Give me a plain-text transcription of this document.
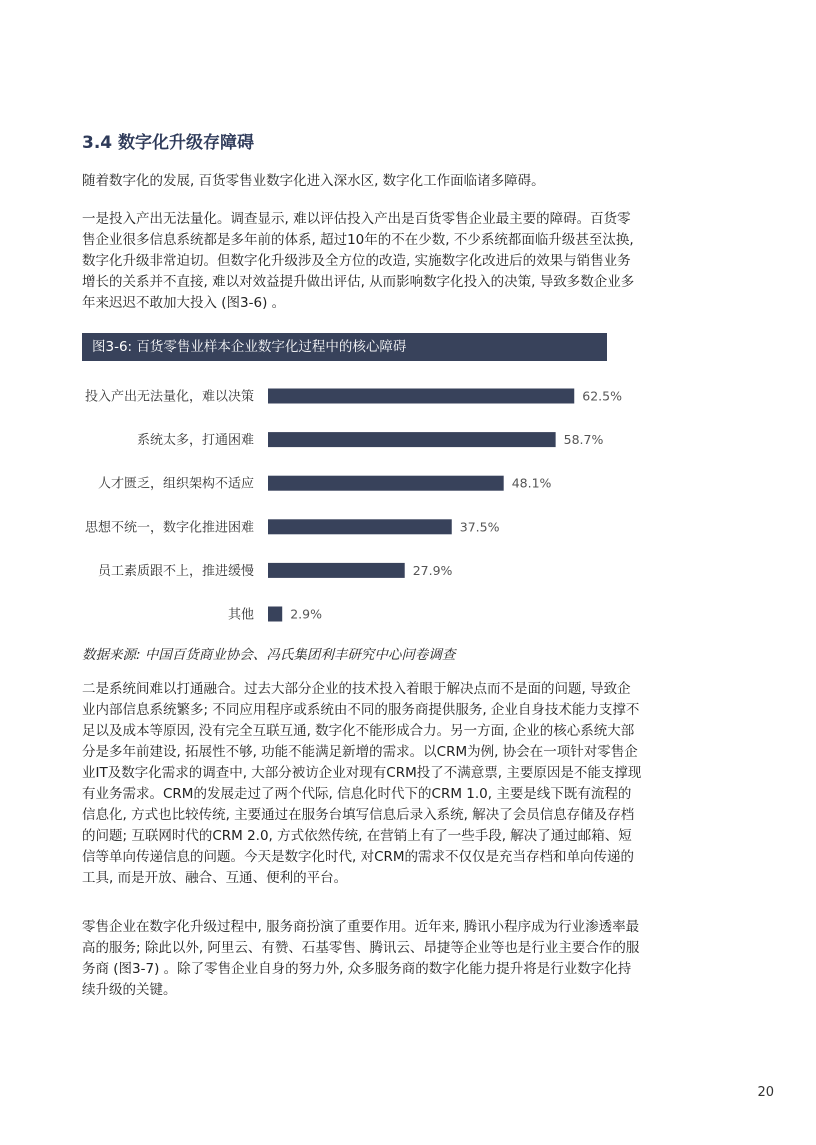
3.4 数字化升级存障碍

随着数字化的发展, 百货零售业数字化进入深水区, 数字化工作面临诸多障碍。

一是投入产出无法量化。调查显示, 难以评估投入产出是百货零售企业最主要的障碍。百货零售企业很多信息系统都是多年前的体系, 超过10年的不在少数, 不少系统都面临升级甚至汰换, 数字化升级非常迫切。但数字化升级涉及全方位的改造, 实施数字化改进后的效果与销售业务增长的关系并不直接, 难以对效益提升做出评估, 从而影响数字化投入的决策, 导致多数企业多年来迟迟不敢加大投入 (图3-6) 。

图3-6: 百货零售业样本企业数字化过程中的核心障碍
投入产出无法量化，难以决策	62.5%
系统太多，打通困难	58.7%
人才匮乏，组织架构不适应	48.1%
思想不统一，数字化推进困难	37.5%
员工素质跟不上，推进缓慢	27.9%
其他	2.9%

数据来源: 中国百货商业协会、冯氏集团利丰研究中心问卷调查

二是系统间难以打通融合。过去大部分企业的技术投入着眼于解决点而不是面的问题, 导致企业内部信息系统繁多; 不同应用程序或系统由不同的服务商提供服务, 企业自身技术能力支撑不足以及成本等原因, 没有完全互联互通, 数字化不能形成合力。另一方面, 企业的核心系统大部分是多年前建设, 拓展性不够, 功能不能满足新增的需求。以CRM为例, 协会在一项针对零售企业IT及数字化需求的调查中, 大部分被访企业对现有CRM投了不满意票, 主要原因是不能支撑现有业务需求。CRM的发展走过了两个代际, 信息化时代下的CRM 1.0, 主要是线下既有流程的信息化, 方式也比较传统, 主要通过在服务台填写信息后录入系统, 解决了会员信息存储及存档的问题; 互联网时代的CRM 2.0, 方式依然传统, 在营销上有了一些手段, 解决了通过邮箱、短信等单向传递信息的问题。今天是数字化时代, 对CRM的需求不仅仅是充当存档和单向传递的工具, 而是开放、融合、互通、便利的平台。

零售企业在数字化升级过程中, 服务商扮演了重要作用。近年来, 腾讯小程序成为行业渗透率最高的服务; 除此以外, 阿里云、有赞、石基零售、腾讯云、昂捷等企业等也是行业主要合作的服务商 (图3-7) 。除了零售企业自身的努力外, 众多服务商的数字化能力提升将是行业数字化持续升级的关键。

20
